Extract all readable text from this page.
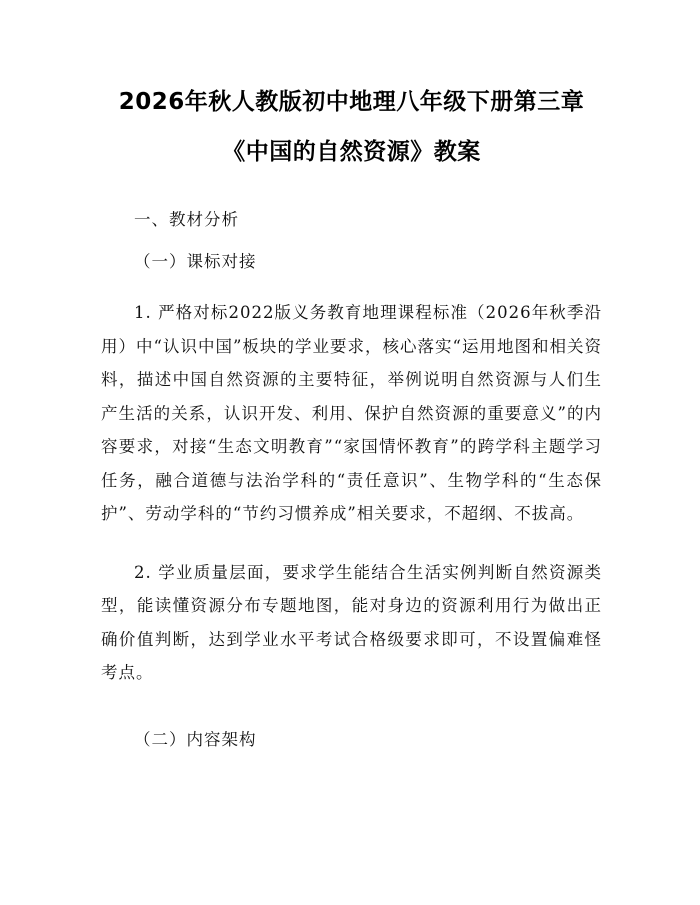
2026年秋人教版初中地理八年级下册第三章
《中国的自然资源》教案

一、教材分析

（一）课标对接

1. 严格对标2022版义务教育地理课程标准（2026年秋季沿用）中“认识中国”板块的学业要求，核心落实“运用地图和相关资料，描述中国自然资源的主要特征，举例说明自然资源与人们生产生活的关系，认识开发、利用、保护自然资源的重要意义”的内容要求，对接“生态文明教育”“家国情怀教育”的跨学科主题学习任务，融合道德与法治学科的“责任意识”、生物学科的“生态保护”、劳动学科的“节约习惯养成”相关要求，不超纲、不拔高。

2. 学业质量层面，要求学生能结合生活实例判断自然资源类型，能读懂资源分布专题地图，能对身边的资源利用行为做出正确价值判断，达到学业水平考试合格级要求即可，不设置偏难怪考点。

（二）内容架构
